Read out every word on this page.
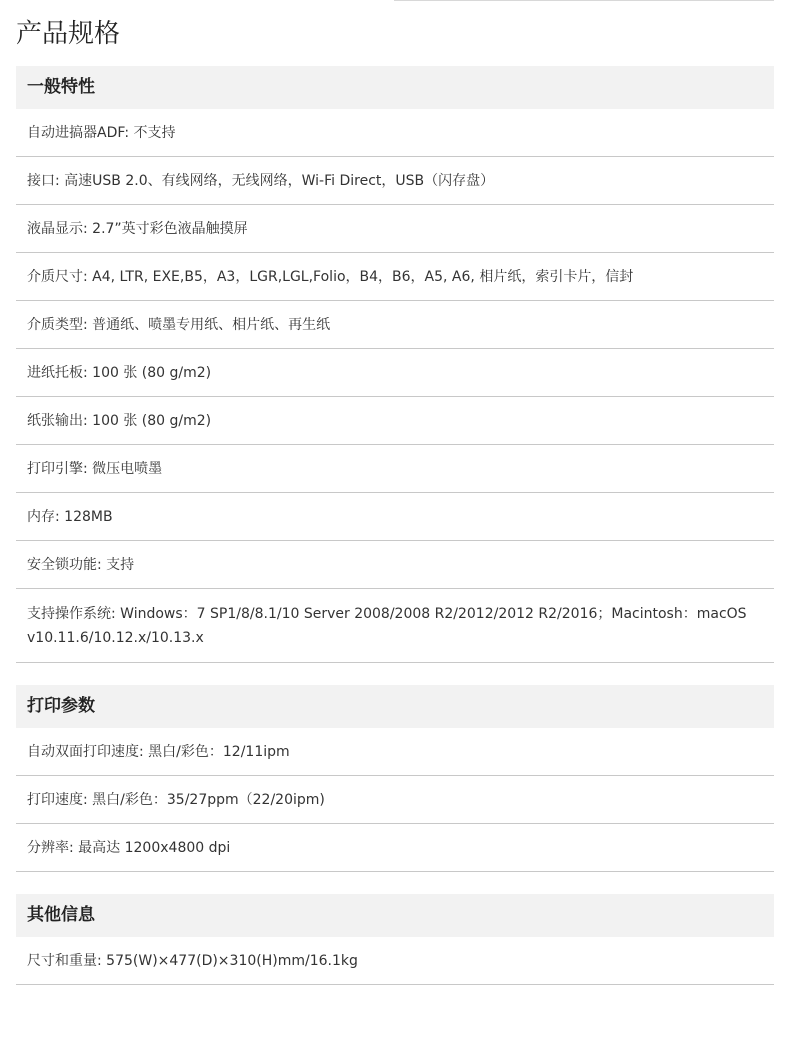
产品规格
一般特性
自动进搞器ADF: 不支持
接口: 高速USB 2.0、有线网络，无线网络，Wi-Fi Direct，USB（闪存盘）
液晶显示: 2.7”英寸彩色液晶触摸屏
介质尺寸: A4, LTR, EXE,B5，A3，LGR,LGL,Folio，B4，B6，A5, A6, 相片纸，索引卡片，信封
介质类型: 普通纸、喷墨专用纸、相片纸、再生纸
进纸托板: 100 张 (80 g/m2)
纸张输出: 100 张 (80 g/m2)
打印引擎: 微压电喷墨
内存: 128MB
安全锁功能: 支持
支持操作系统: Windows：7 SP1/8/8.1/10 Server 2008/2008 R2/2012/2012 R2/2016；Macintosh：macOS v10.11.6/10.12.x/10.13.x
打印参数
自动双面打印速度: 黑白/彩色：12/11ipm
打印速度: 黑白/彩色：35/27ppm（22/20ipm)
分辨率: 最高达 1200x4800 dpi
其他信息
尺寸和重量: 575(W)×477(D)×310(H)mm/16.1kg
